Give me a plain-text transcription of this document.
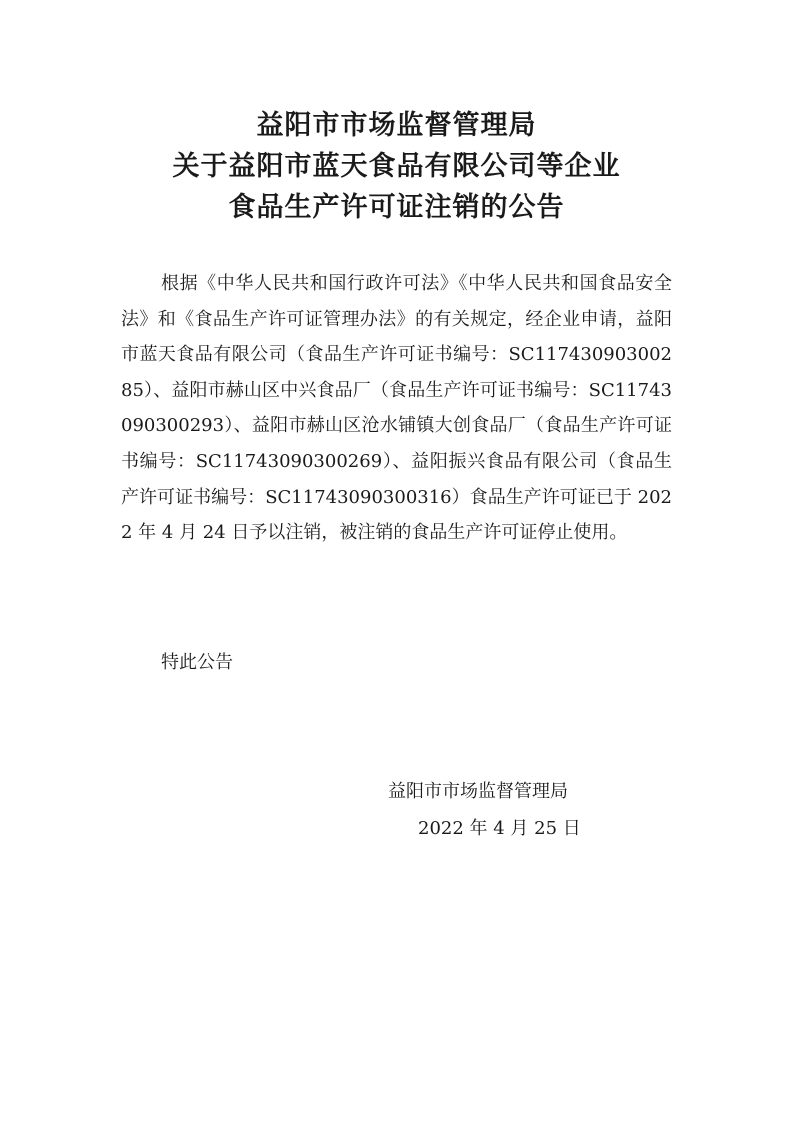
益阳市市场监督管理局
关于益阳市蓝天食品有限公司等企业
食品生产许可证注销的公告

根据《中华人民共和国行政许可法》《中华人民共和国食品安全法》和《食品生产许可证管理办法》的有关规定，经企业申请，益阳市蓝天食品有限公司（食品生产许可证书编号：SC11743090300285）、益阳市赫山区中兴食品厂（食品生产许可证书编号：SC11743090300293）、益阳市赫山区沧水铺镇大创食品厂（食品生产许可证书编号：SC11743090300269）、益阳振兴食品有限公司（食品生产许可证书编号：SC11743090300316）食品生产许可证已于 2022 年 4 月 24 日予以注销，被注销的食品生产许可证停止使用。

特此公告

益阳市市场监督管理局

2022 年 4 月 25 日
